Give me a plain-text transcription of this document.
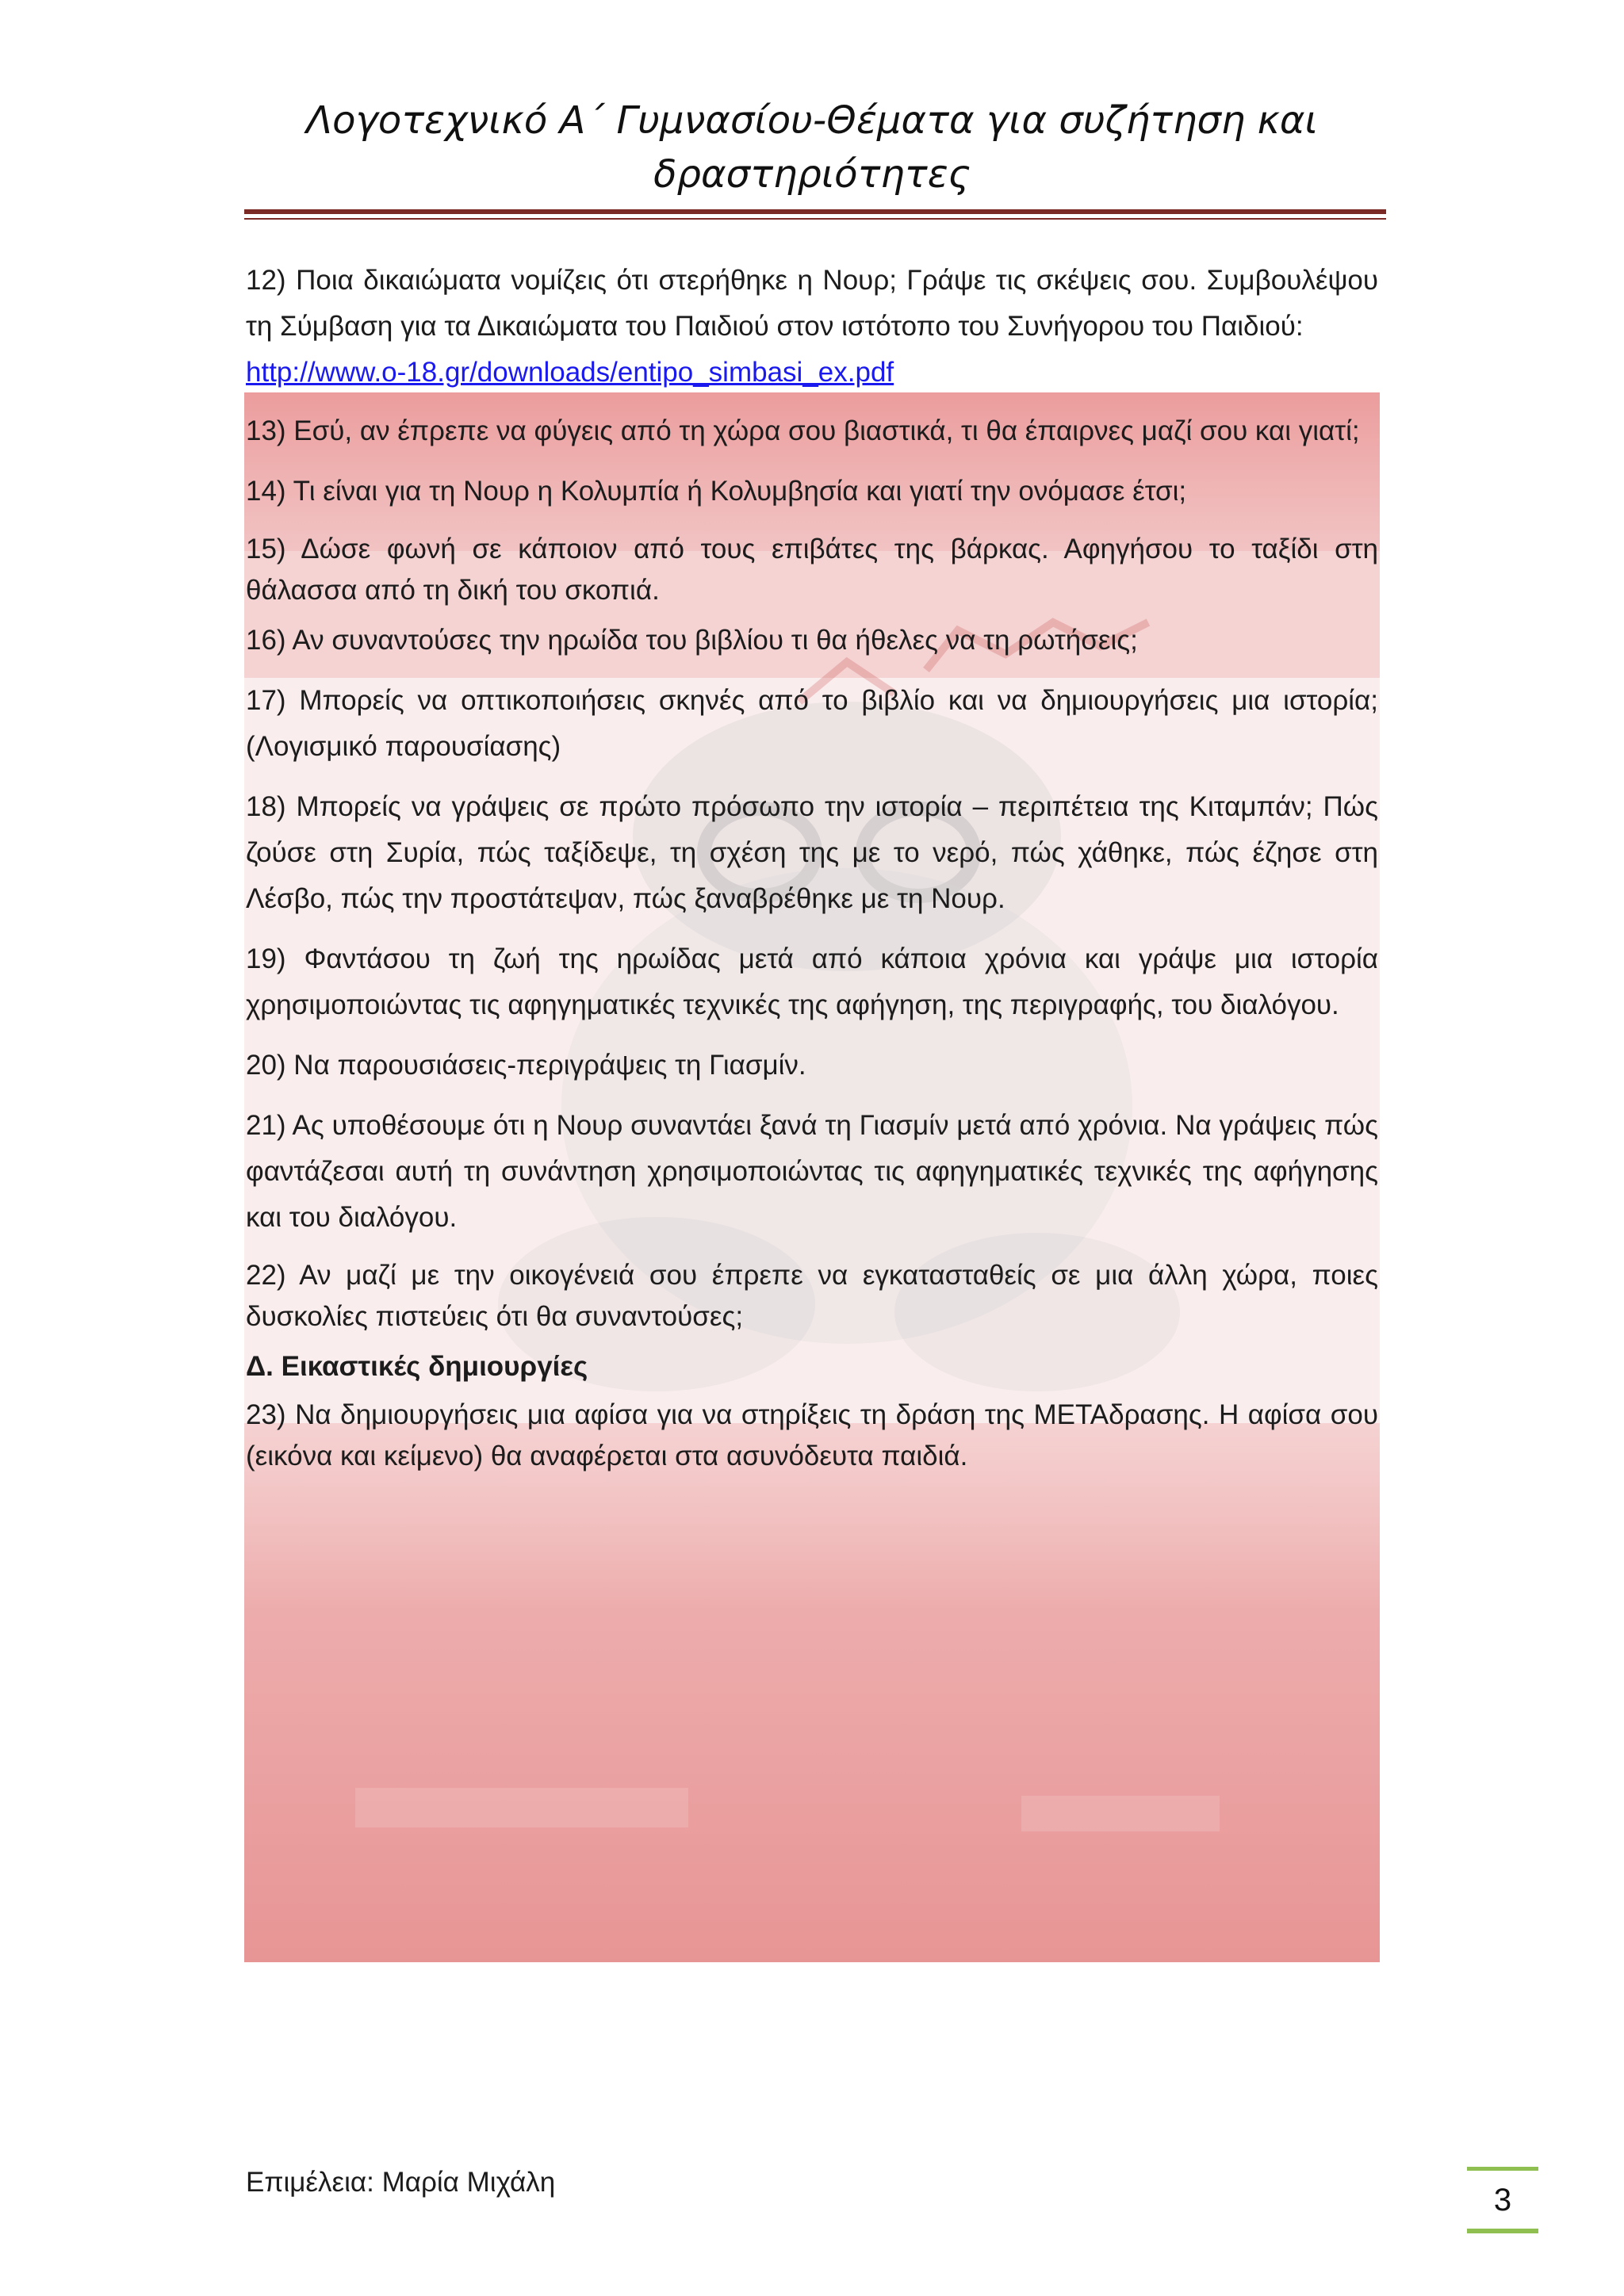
Λογοτεχνικό Α΄ Γυμνασίου-Θέματα για συζήτηση και δραστηριότητες

12) Ποια δικαιώματα νομίζεις ότι στερήθηκε η Νουρ; Γράψε τις σκέψεις σου. Συμβουλέψου τη Σύμβαση για τα Δικαιώματα του Παιδιού στον ιστότοπο του Συνήγορου του Παιδιού:

http://www.o-18.gr/downloads/entipo_simbasi_ex.pdf

13) Εσύ, αν έπρεπε να φύγεις από τη χώρα σου βιαστικά, τι θα έπαιρνες μαζί σου και γιατί;

14) Τι είναι για τη Νουρ η Κολυμπία ή Κολυμβησία και γιατί την ονόμασε έτσι;

15) Δώσε φωνή σε κάποιον από τους επιβάτες της βάρκας. Αφηγήσου το ταξίδι στη θάλασσα από τη δική του σκοπιά.

16) Αν συναντούσες την ηρωίδα του βιβλίου τι θα ήθελες να τη ρωτήσεις;

17) Μπορείς να οπτικοποιήσεις σκηνές από το βιβλίο και να δημιουργήσεις μια ιστορία; (Λογισμικό παρουσίασης)

18) Μπορείς να γράψεις σε πρώτο πρόσωπο την ιστορία – περιπέτεια της Κιταμπάν; Πώς ζούσε στη Συρία, πώς ταξίδεψε, τη σχέση της με το νερό, πώς χάθηκε, πώς έζησε στη Λέσβο, πώς την προστάτεψαν, πώς ξαναβρέθηκε με τη Νουρ.

19) Φαντάσου τη ζωή της ηρωίδας μετά από κάποια χρόνια και γράψε μια ιστορία χρησιμοποιώντας τις αφηγηματικές τεχνικές της αφήγηση, της περιγραφής, του διαλόγου.

20) Να παρουσιάσεις-περιγράψεις τη Γιασμίν.

21) Ας υποθέσουμε ότι η Νουρ συναντάει ξανά τη Γιασμίν μετά από χρόνια. Να γράψεις πώς φαντάζεσαι αυτή τη συνάντηση χρησιμοποιώντας τις αφηγηματικές τεχνικές της αφήγησης και του διαλόγου.

22) Αν μαζί με την οικογένειά σου έπρεπε να εγκατασταθείς σε μια άλλη χώρα, ποιες δυσκολίες πιστεύεις ότι θα συναντούσες;

Δ. Εικαστικές δημιουργίες

23) Να δημιουργήσεις μια αφίσα για να στηρίξεις τη δράση της ΜΕΤΑδρασης. Η αφίσα σου (εικόνα και κείμενο) θα αναφέρεται στα ασυνόδευτα παιδιά.

Επιμέλεια: Μαρία Μιχάλη
3
